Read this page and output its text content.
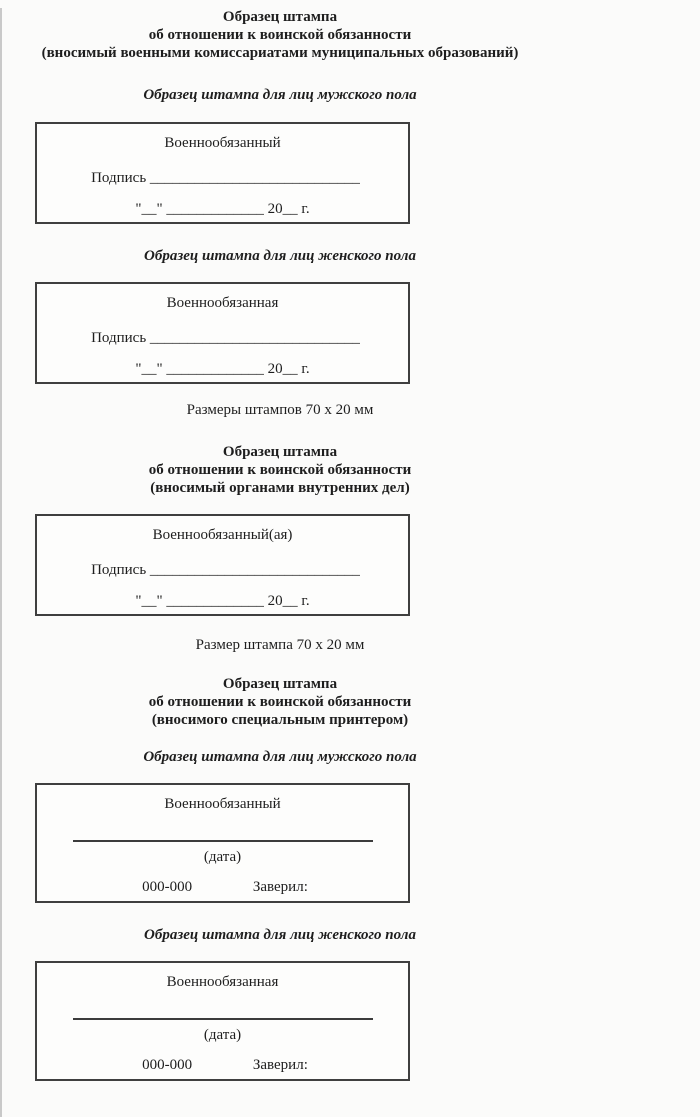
Образец штампа
об отношении к воинской обязанности
(вносимый военными комиссариатами муниципальных образований)
Образец штампа для лиц мужского пола
Военнообязанный
Подпись ____________________________
"__" _____________ 20__ г.
Образец штампа для лиц женского пола
Военнообязанная
Подпись ____________________________
"__" _____________ 20__ г.
Размеры штампов 70 х 20 мм
Образец штампа
об отношении к воинской обязанности
(вносимый органами внутренних дел)
Военнообязанный(ая)
Подпись ____________________________
"__" _____________ 20__ г.
Размер штампа 70 х 20 мм
Образец штампа
об отношении к воинской обязанности
(вносимого специальным принтером)
Образец штампа для лиц мужского пола
Военнообязанный
(дата)
000-000	Заверил:
Образец штампа для лиц женского пола
Военнообязанная
(дата)
000-000	Заверил:
